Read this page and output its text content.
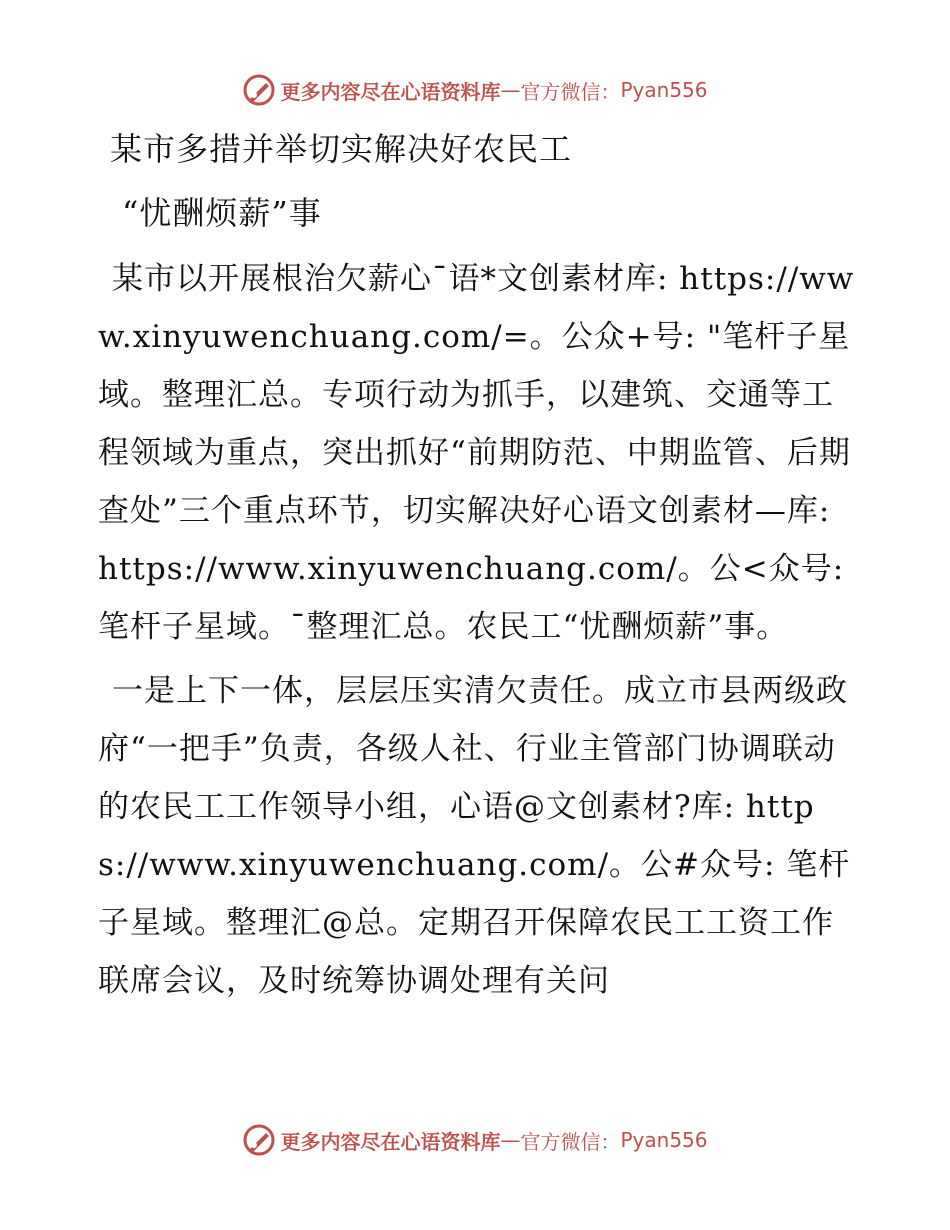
更多内容尽在心语资料库 — 官方微信： Pyan556
某市多措并举切实解决好农民工
“忧酬烦薪”事

某市以开展根治欠薪心¯语*文创素材库: https://www.xinyuwenchuang.com/=。公众+号: "笔杆子星域。整理汇总。专项行动为抓手，以建筑、交通等工程领域为重点，突出抓好“前期防范、中期监管、后期查处”三个重点环节，切实解决好心语文创素材—库: https://www.xinyuwenchuang.com/。公<众号: 笔杆子星域。¯整理汇总。农民工“忧酬烦薪”事。

一是上下一体，层层压实清欠责任。成立市县两级政府“一把手”负责，各级人社、行业主管部门协调联动的农民工工作领导小组，心语@文创素材?库: https://www.xinyuwenchuang.com/。公#众号: 笔杆子星域。整理汇@总。定期召开保障农民工工资工作联席会议，及时统筹协调处理有关问

更多内容尽在心语资料库 — 官方微信： Pyan556
